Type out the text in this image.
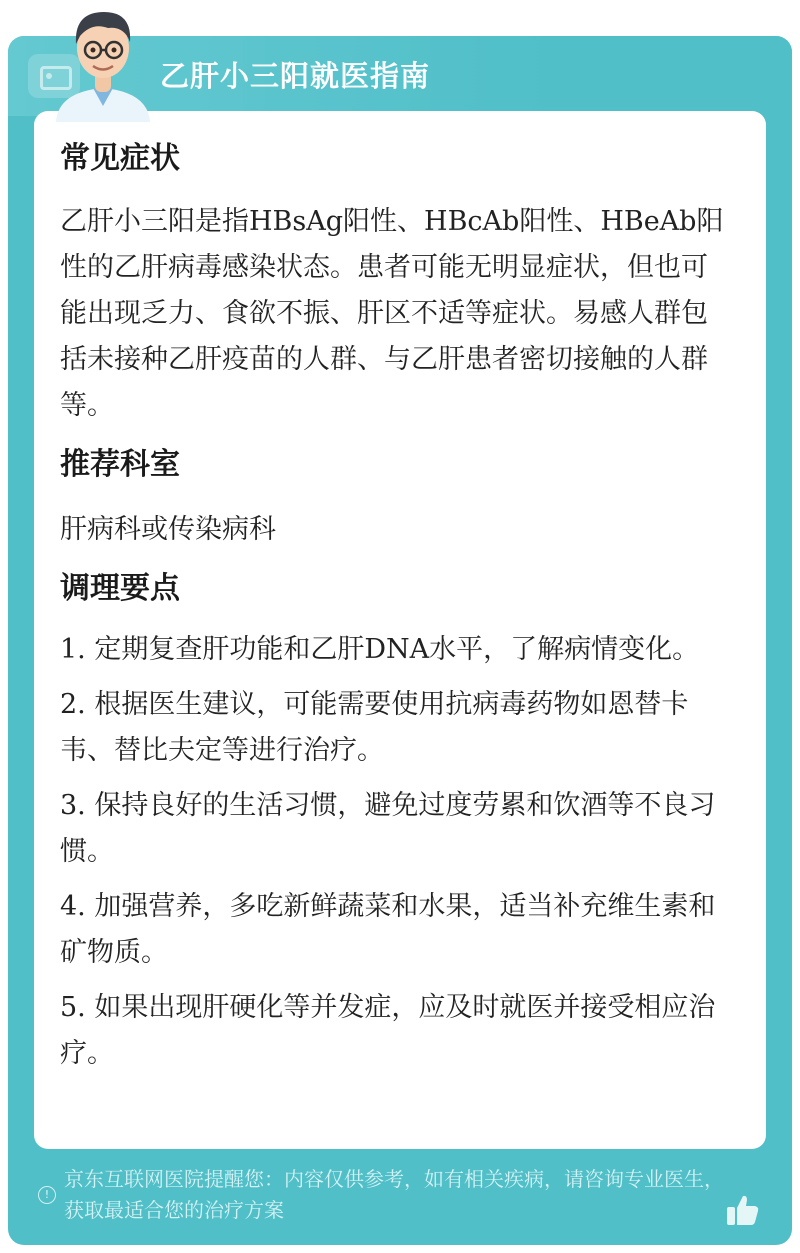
乙肝小三阳就医指南
常见症状

乙肝小三阳是指HBsAg阳性、HBcAb阳性、HBeAb阳性的乙肝病毒感染状态。患者可能无明显症状，但也可能出现乏力、食欲不振、肝区不适等症状。易感人群包括未接种乙肝疫苗的人群、与乙肝患者密切接触的人群等。

推荐科室

肝病科或传染病科

调理要点

1. 定期复查肝功能和乙肝DNA水平，了解病情变化。

2. 根据医生建议，可能需要使用抗病毒药物如恩替卡韦、替比夫定等进行治疗。

3. 保持良好的生活习惯，避免过度劳累和饮酒等不良习惯。

4. 加强营养，多吃新鲜蔬菜和水果，适当补充维生素和矿物质。

5. 如果出现肝硬化等并发症，应及时就医并接受相应治疗。

!
京东互联网医院提醒您：内容仅供参考，如有相关疾病，请咨询专业医生，获取最适合您的治疗方案
